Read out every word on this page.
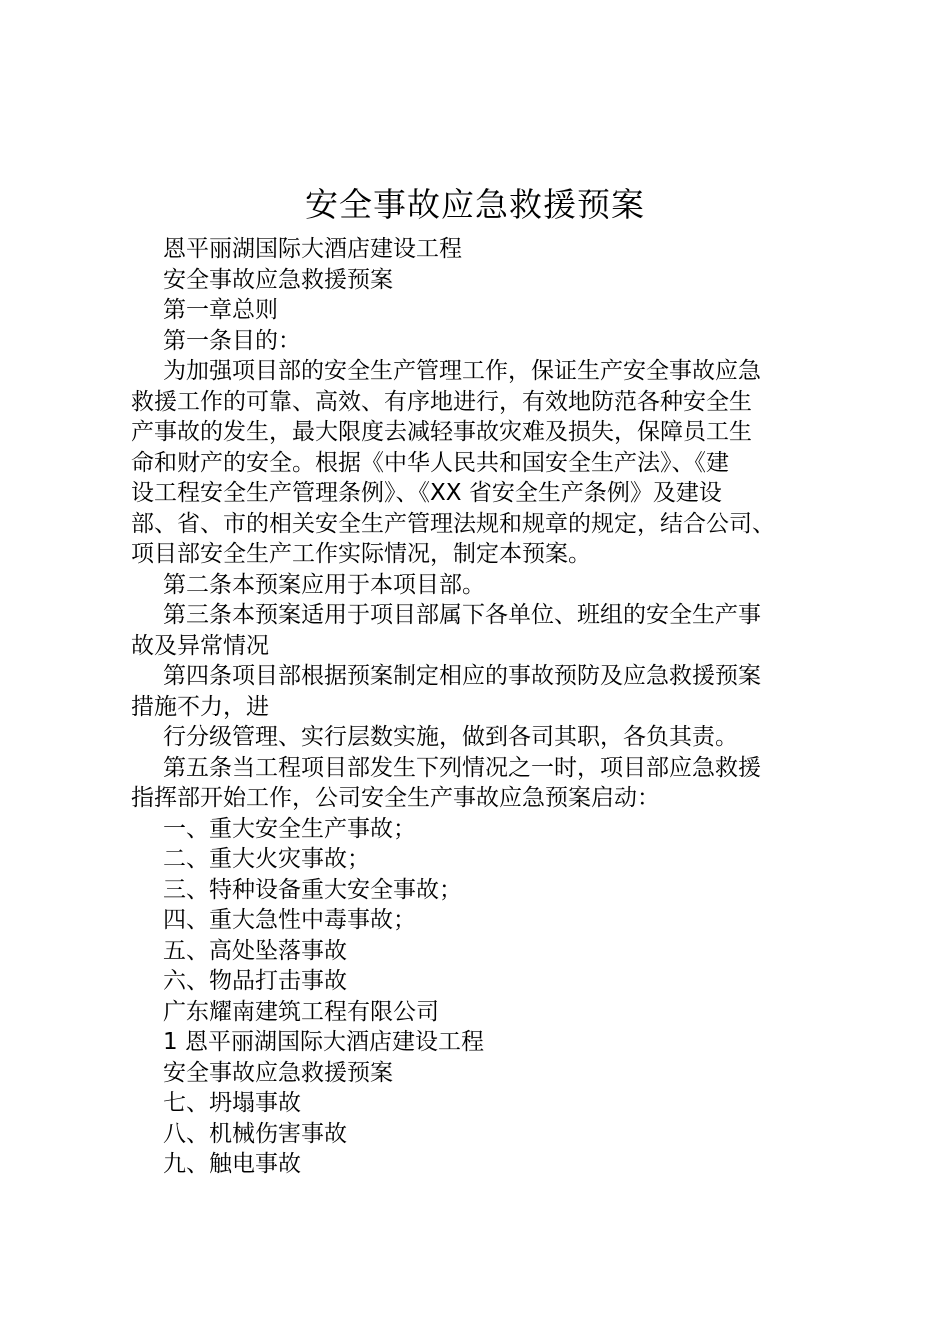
安全事故应急救援预案

恩平丽湖国际大酒店建设工程

安全事故应急救援预案

第一章总则

第一条目的：

为加强项目部的安全生产管理工作，保证生产安全事故应急

救援工作的可靠、高效、有序地进行，有效地防范各种安全生

产事故的发生，最大限度去减轻事故灾难及损失，保障员工生

命和财产的安全。根据《中华人民共和国安全生产法》、《建

设工程安全生产管理条例》、《XX 省安全生产条例》及建设

部、省、市的相关安全生产管理法规和规章的规定，结合公司、

项目部安全生产工作实际情况，制定本预案。

第二条本预案应用于本项目部。

第三条本预案适用于项目部属下各单位、班组的安全生产事

故及异常情况

第四条项目部根据预案制定相应的事故预防及应急救援预案

措施不力，进

行分级管理、实行层数实施，做到各司其职，各负其责。

第五条当工程项目部发生下列情况之一时，项目部应急救援

指挥部开始工作，公司安全生产事故应急预案启动：

一、重大安全生产事故；

二、重大火灾事故；

三、特种设备重大安全事故；

四、重大急性中毒事故；

五、高处坠落事故

六、物品打击事故

广东耀南建筑工程有限公司

1 恩平丽湖国际大酒店建设工程

安全事故应急救援预案

七、坍塌事故

八、机械伤害事故

九、触电事故
